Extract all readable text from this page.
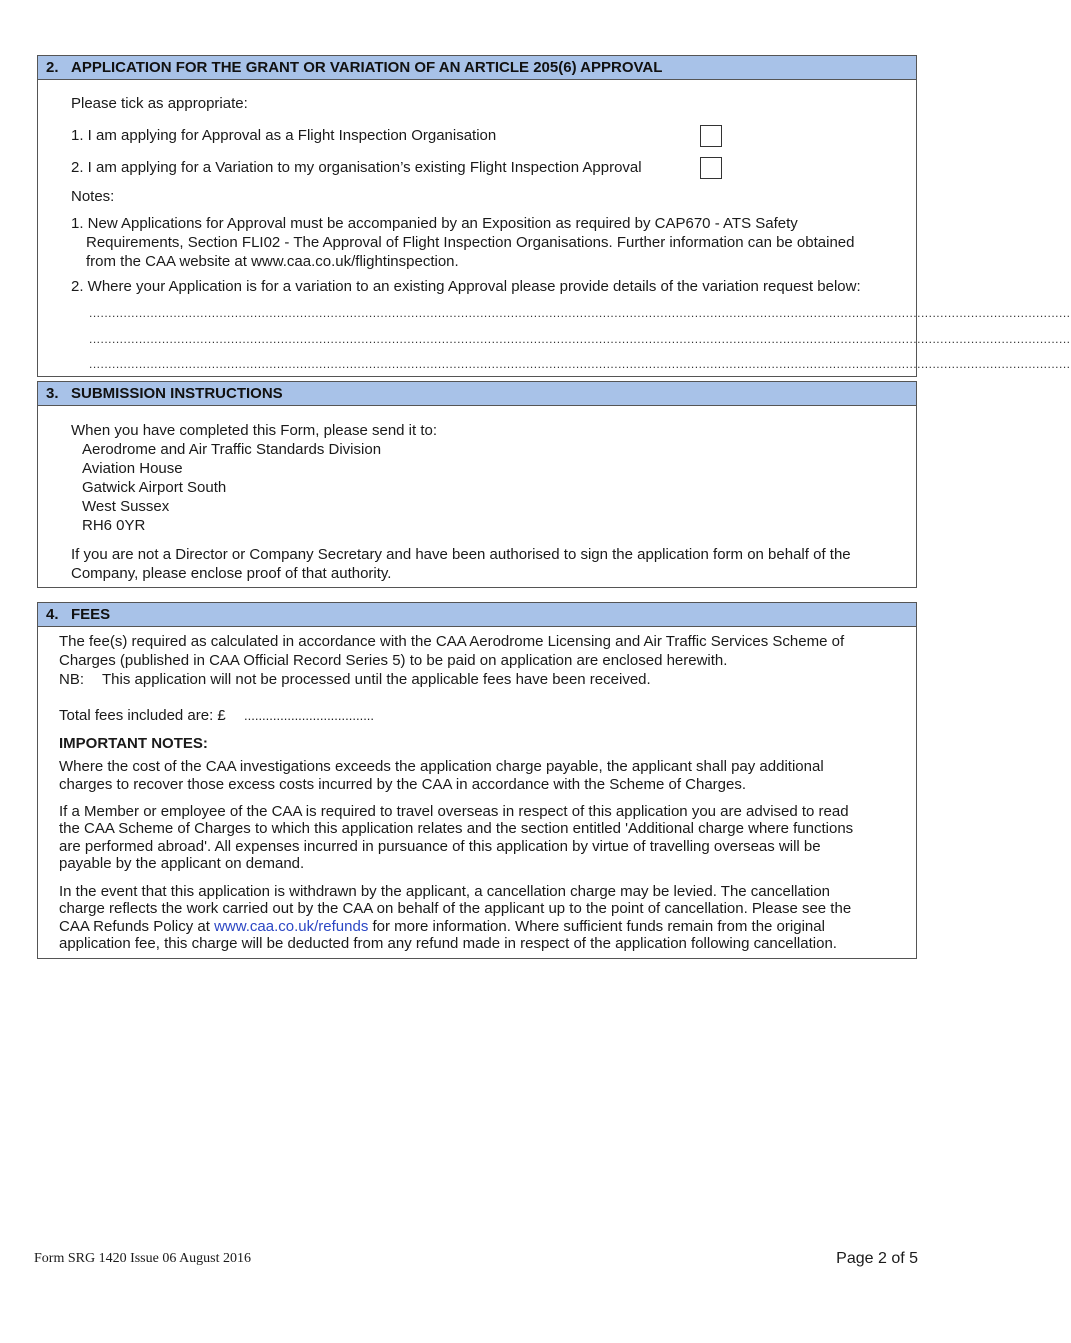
2. APPLICATION FOR THE GRANT OR VARIATION OF AN ARTICLE 205(6) APPROVAL
Please tick as appropriate:
1. I am applying for Approval as a Flight Inspection Organisation
2. I am applying for a Variation to my organisation’s existing Flight Inspection Approval
Notes:
1. New Applications for Approval must be accompanied by an Exposition as required by CAP670 - ATS Safety
Requirements, Section FLI02 - The Approval of Flight Inspection Organisations. Further information can be obtained
from the CAA website at www.caa.co.uk/flightinspection.
2. Where your Application is for a variation to an existing Approval please provide details of the variation request below:
................................................................................................................................................................................................................................................................
................................................................................................................................................................................................................................................................
................................................................................................................................................................................................................................................................
3. SUBMISSION INSTRUCTIONS
When you have completed this Form, please send it to:
Aerodrome and Air Traffic Standards Division
Aviation House
Gatwick Airport South
West Sussex
RH6 0YR
If you are not a Director or Company Secretary and have been authorised to sign the application form on behalf of the
Company, please enclose proof of that authority.
4. FEES
The fee(s) required as calculated in accordance with the CAA Aerodrome Licensing and Air Traffic Services Scheme of
Charges (published in CAA Official Record Series 5) to be paid on application are enclosed herewith.
NB: This application will not be processed until the applicable fees have been received.
Total fees included are: £ ....................................
IMPORTANT NOTES:
Where the cost of the CAA investigations exceeds the application charge payable, the applicant shall pay additional
charges to recover those excess costs incurred by the CAA in accordance with the Scheme of Charges.
If a Member or employee of the CAA is required to travel overseas in respect of this application you are advised to read
the CAA Scheme of Charges to which this application relates and the section entitled 'Additional charge where functions
are performed abroad'. All expenses incurred in pursuance of this application by virtue of travelling overseas will be
payable by the applicant on demand.
In the event that this application is withdrawn by the applicant, a cancellation charge may be levied. The cancellation
charge reflects the work carried out by the CAA on behalf of the applicant up to the point of cancellation. Please see the
CAA Refunds Policy at www.caa.co.uk/refunds for more information. Where sufficient funds remain from the original
application fee, this charge will be deducted from any refund made in respect of the application following cancellation.
Form SRG 1420 Issue 06 August 2016	Page 2 of 5
